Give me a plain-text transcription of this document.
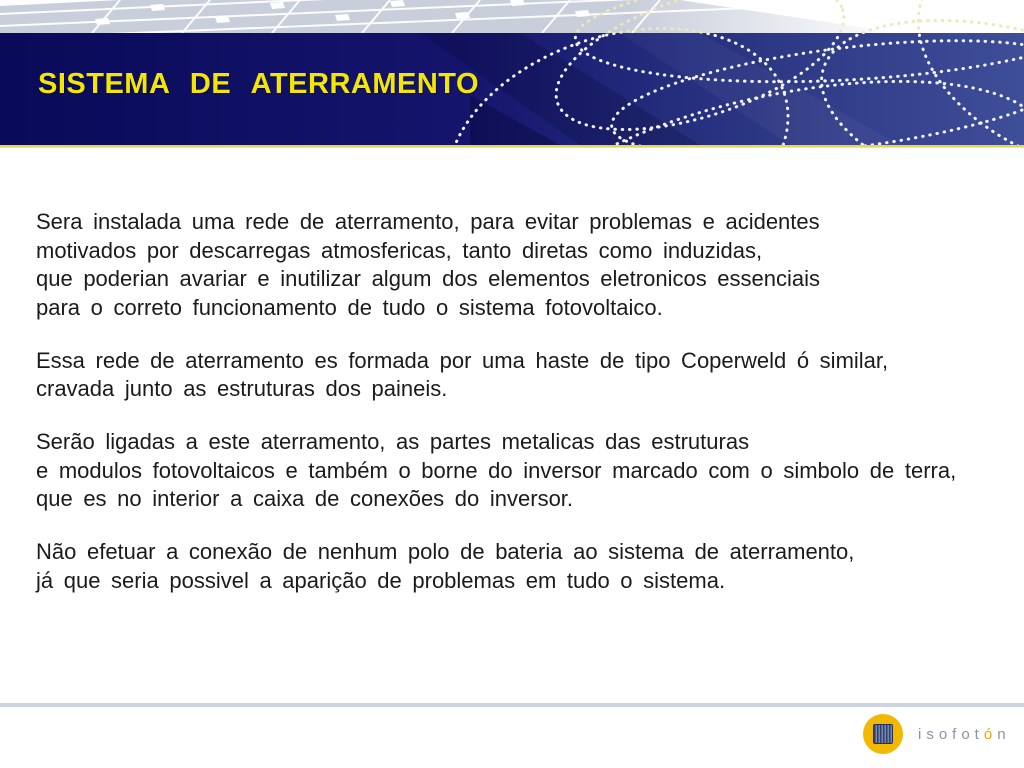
SISTEMA DE ATERRAMENTO

Sera instalada uma rede de aterramento, para evitar problemas e acidentes
motivados por descarregas atmosfericas, tanto diretas como induzidas,
que poderian avariar e inutilizar algum dos elementos eletronicos essenciais
para o correto funcionamento de tudo o sistema fotovoltaico.

Essa rede de aterramento es formada por uma haste de tipo Coperweld ó similar,
cravada junto as estruturas dos paineis.

Serão ligadas a este aterramento, as partes metalicas das estruturas
e modulos fotovoltaicos e também o borne do inversor marcado com o simbolo de terra,
que es no interior a caixa de conexões do inversor.

Não efetuar a conexão de nenhum polo de bateria ao sistema de aterramento,
já que seria possivel a aparição de problemas em tudo o sistema.

isofotón
